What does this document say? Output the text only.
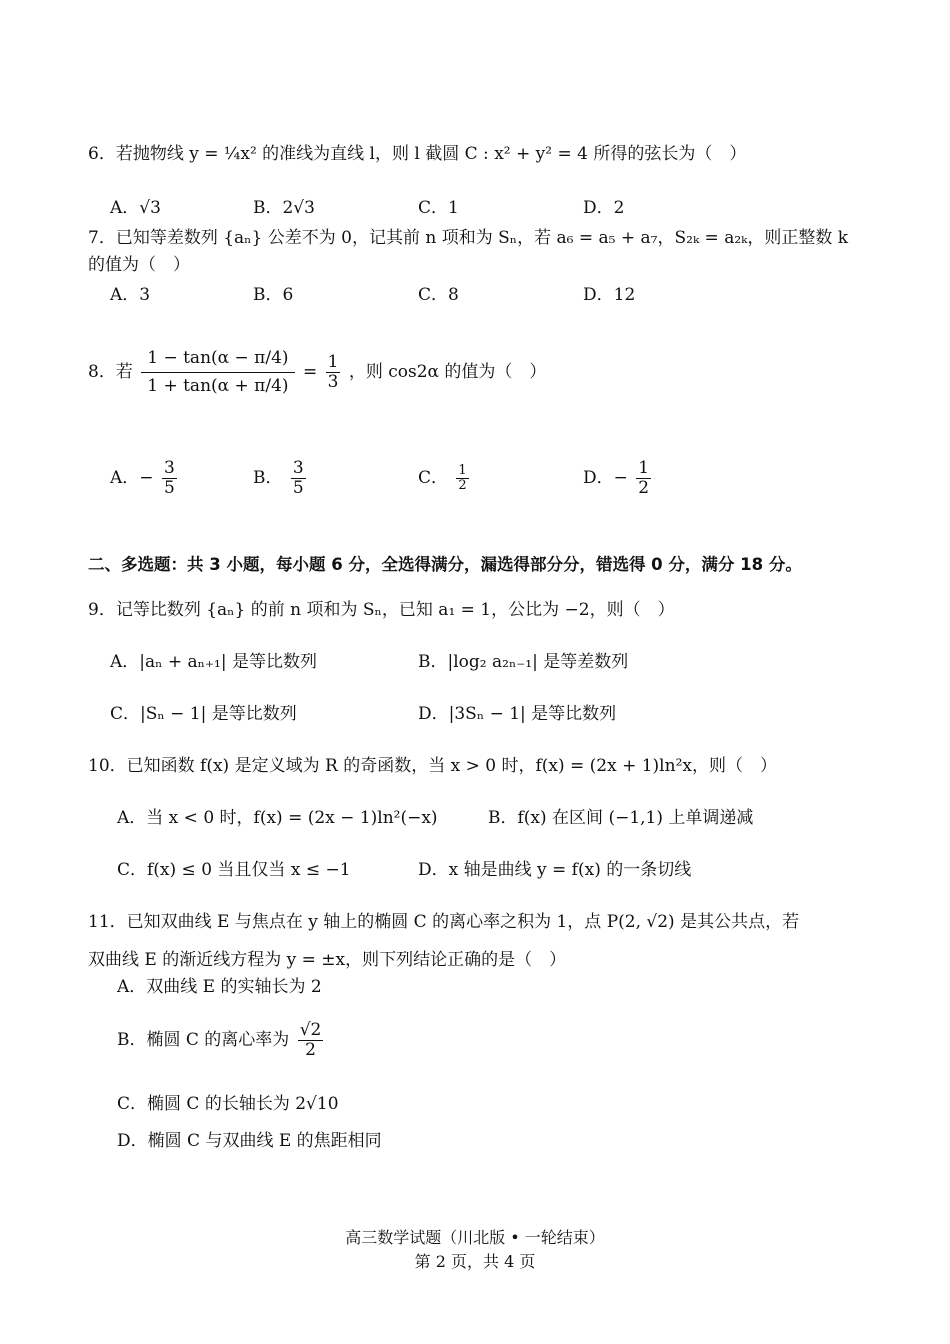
6．若抛物线 y = ¼x² 的准线为直线 l，则 l 截圆 C : x² + y² = 4 所得的弦长为（　）
A．√3	B．2√3	C．1	D．2
7．已知等差数列 {aₙ} 公差不为 0，记其前 n 项和为 Sₙ，若 a₆ = a₅ + a₇，S₂ₖ = a₂ₖ，则正整数 k
的值为（　）
A．3	B．6	C．8	D．12
8．若 $\frac{1 - \tan(\alpha - \pi/4)}{1 + \tan(\alpha + \pi/4)} = \frac{1}{3}$ ，则 cos2α 的值为（　）
A．− $\frac{3}{5}$	B． $\frac{3}{5}$	C． $\frac{1}{2}$	D．− $\frac{1}{2}$
二、多选题：共 3 小题，每小题 6 分，全选得满分，漏选得部分分，错选得 0 分，满分 18 分。
9．记等比数列 {aₙ} 的前 n 项和为 Sₙ，已知 a₁ = 1，公比为 −2，则（　）
A．|aₙ + aₙ₊₁| 是等比数列	B．|log₂ a₂ₙ₋₁| 是等差数列
C．|Sₙ − 1| 是等比数列	D．|3Sₙ − 1| 是等比数列
10．已知函数 f(x) 是定义域为 R 的奇函数，当 x > 0 时，f(x) = (2x + 1)ln²x，则（　）
A．当 x < 0 时，f(x) = (2x − 1)ln²(−x)	B．f(x) 在区间 (−1,1) 上单调递减
C．f(x) ≤ 0 当且仅当 x ≤ −1	D．x 轴是曲线 y = f(x) 的一条切线
11．已知双曲线 E 与焦点在 y 轴上的椭圆 C 的离心率之积为 1，点 P(2, √2) 是其公共点，若
双曲线 E 的渐近线方程为 y = ±x，则下列结论正确的是（　）
A．双曲线 E 的实轴长为 2
B．椭圆 C 的离心率为 $\frac{√2}{2}$
C．椭圆 C 的长轴长为 2√10
D．椭圆 C 与双曲线 E 的焦距相同
高三数学试题（川北版 • 一轮结束）
第 2 页，共 4 页
